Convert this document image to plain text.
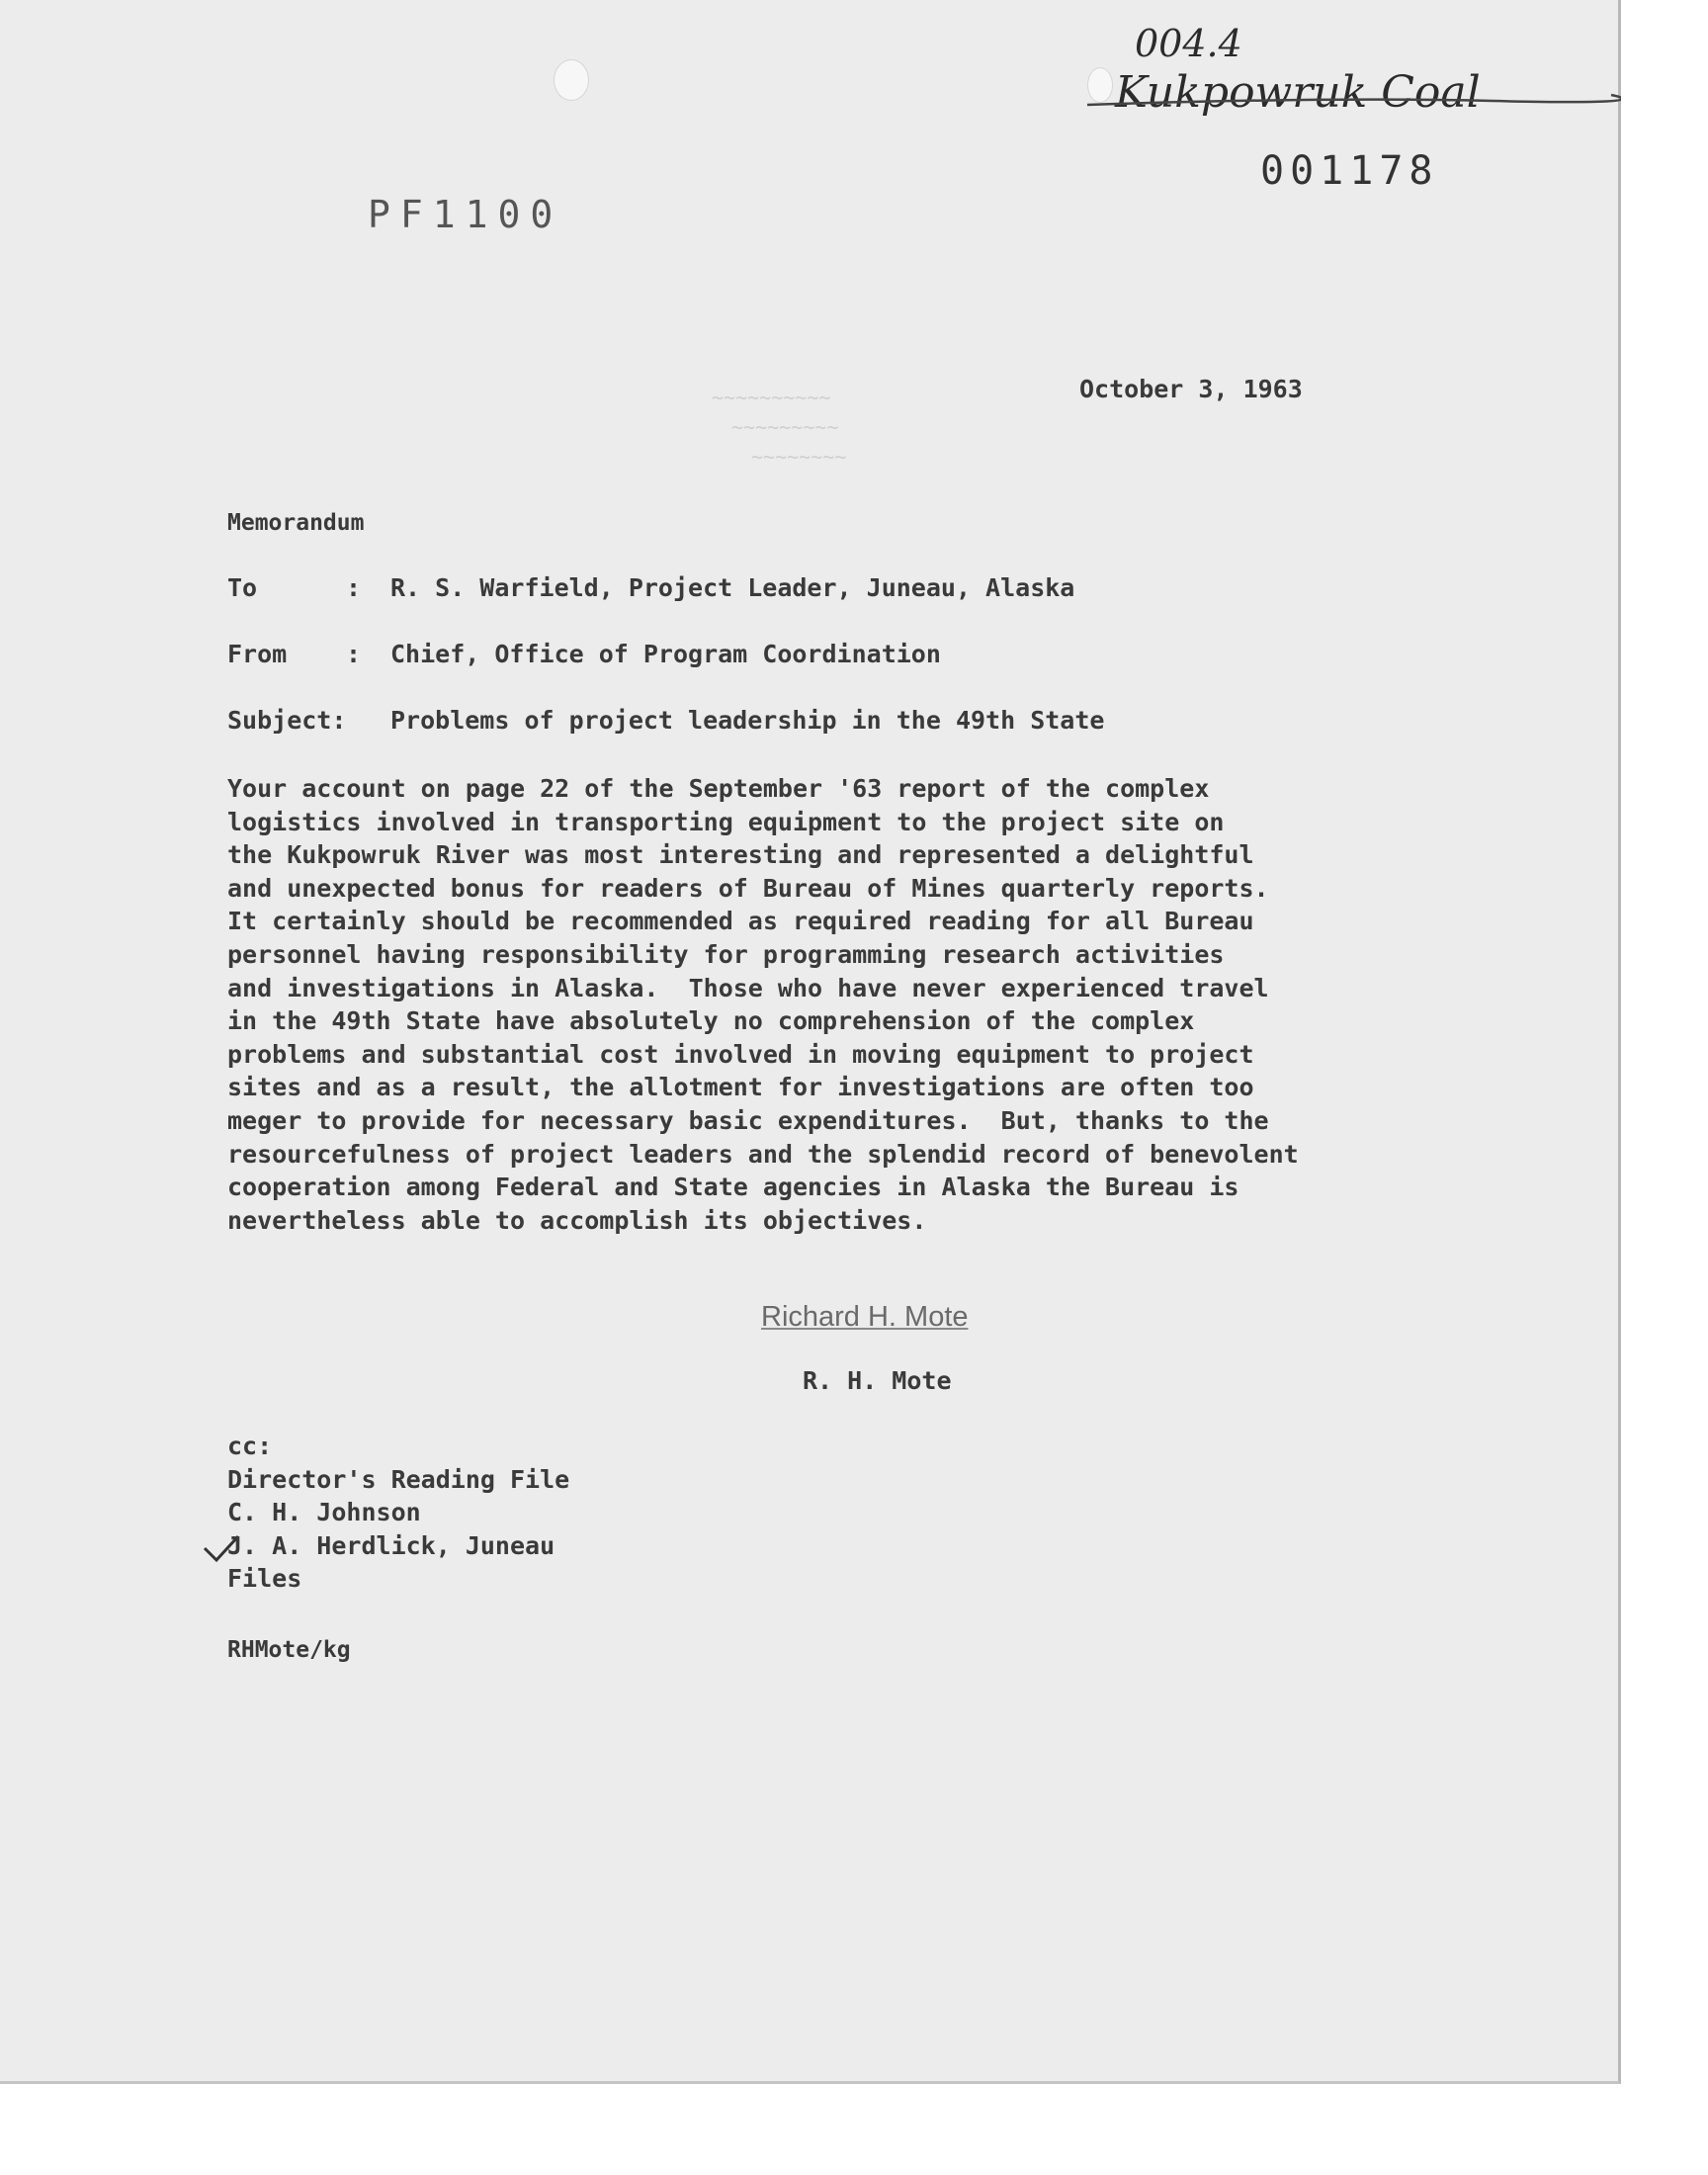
004.4
Kukpowruk Coal
001178
PF1100
~~~~~~~~~~
~~~~~~~~~
~~~~~~~~
October 3, 1963
Memorandum
To	: R. S. Warfield, Project Leader, Juneau, Alaska
From : Chief, Office of Program Coordination
Subject: Problems of project leadership in the 49th State
Your account on page 22 of the September '63 report of the complex
logistics involved in transporting equipment to the project site on
the Kukpowruk River was most interesting and represented a delightful
and unexpected bonus for readers of Bureau of Mines quarterly reports.
It certainly should be recommended as required reading for all Bureau
personnel having responsibility for programming research activities
and investigations in Alaska.  Those who have never experienced travel
in the 49th State have absolutely no comprehension of the complex
problems and substantial cost involved in moving equipment to project
sites and as a result, the allotment for investigations are often too
meger to provide for necessary basic expenditures.  But, thanks to the
resourcefulness of project leaders and the splendid record of benevolent
cooperation among Federal and State agencies in Alaska the Bureau is
nevertheless able to accomplish its objectives.
Richard H. Mote
R. H. Mote
cc:
Director's Reading File
C. H. Johnson
J. A. Herdlick, Juneau
Files
RHMote/kg
